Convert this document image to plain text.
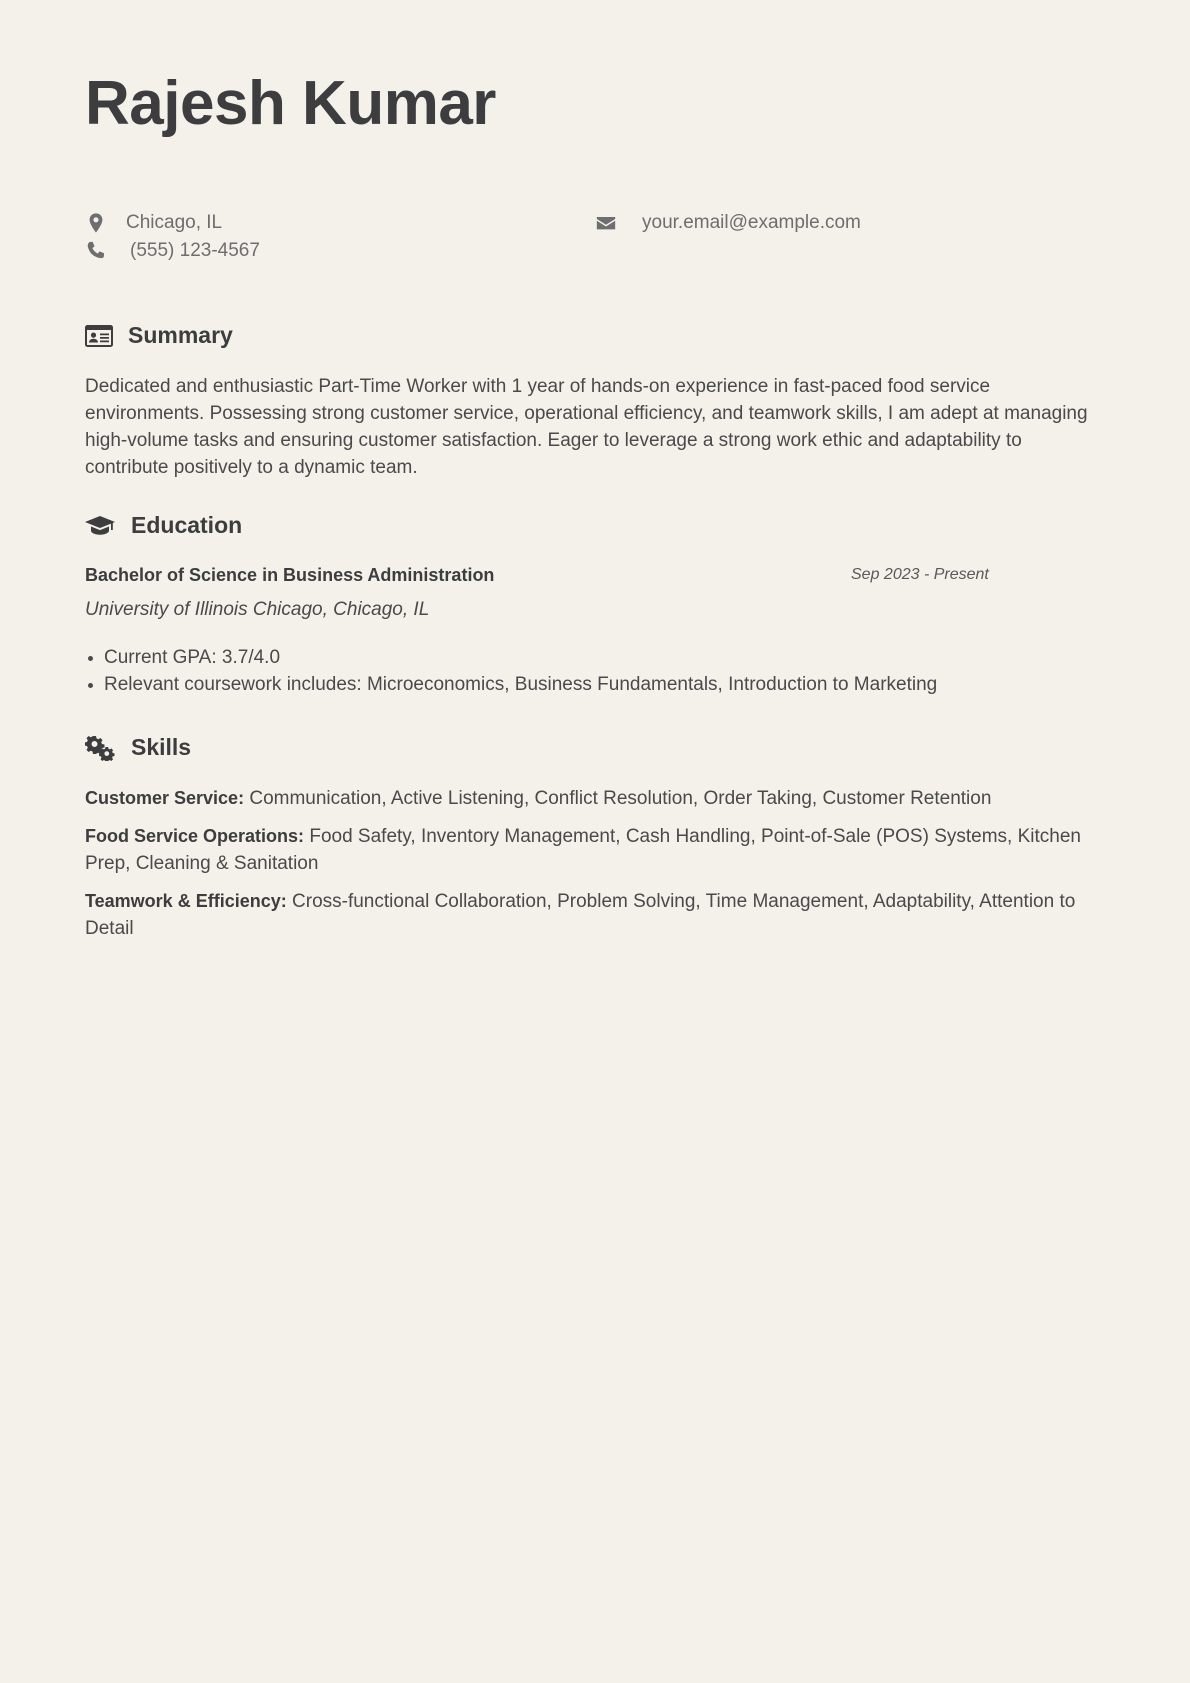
Rajesh Kumar
Chicago, IL
(555) 123-4567
your.email@example.com
Summary

Dedicated and enthusiastic Part-Time Worker with 1 year of hands-on experience in fast-paced food service environments. Possessing strong customer service, operational efficiency, and teamwork skills, I am adept at managing high-volume tasks and ensuring customer satisfaction. Eager to leverage a strong work ethic and adaptability to contribute positively to a dynamic team.

Education
Bachelor of Science in Business Administration	Sep 2023 - Present
University of Illinois Chicago, Chicago, IL
Current GPA: 3.7/4.0
Relevant coursework includes: Microeconomics, Business Fundamentals, Introduction to Marketing
Skills

Customer Service: Communication, Active Listening, Conflict Resolution, Order Taking, Customer Retention

Food Service Operations: Food Safety, Inventory Management, Cash Handling, Point-of-Sale (POS) Systems, Kitchen Prep, Cleaning & Sanitation

Teamwork & Efficiency: Cross-functional Collaboration, Problem Solving, Time Management, Adaptability, Attention to Detail
